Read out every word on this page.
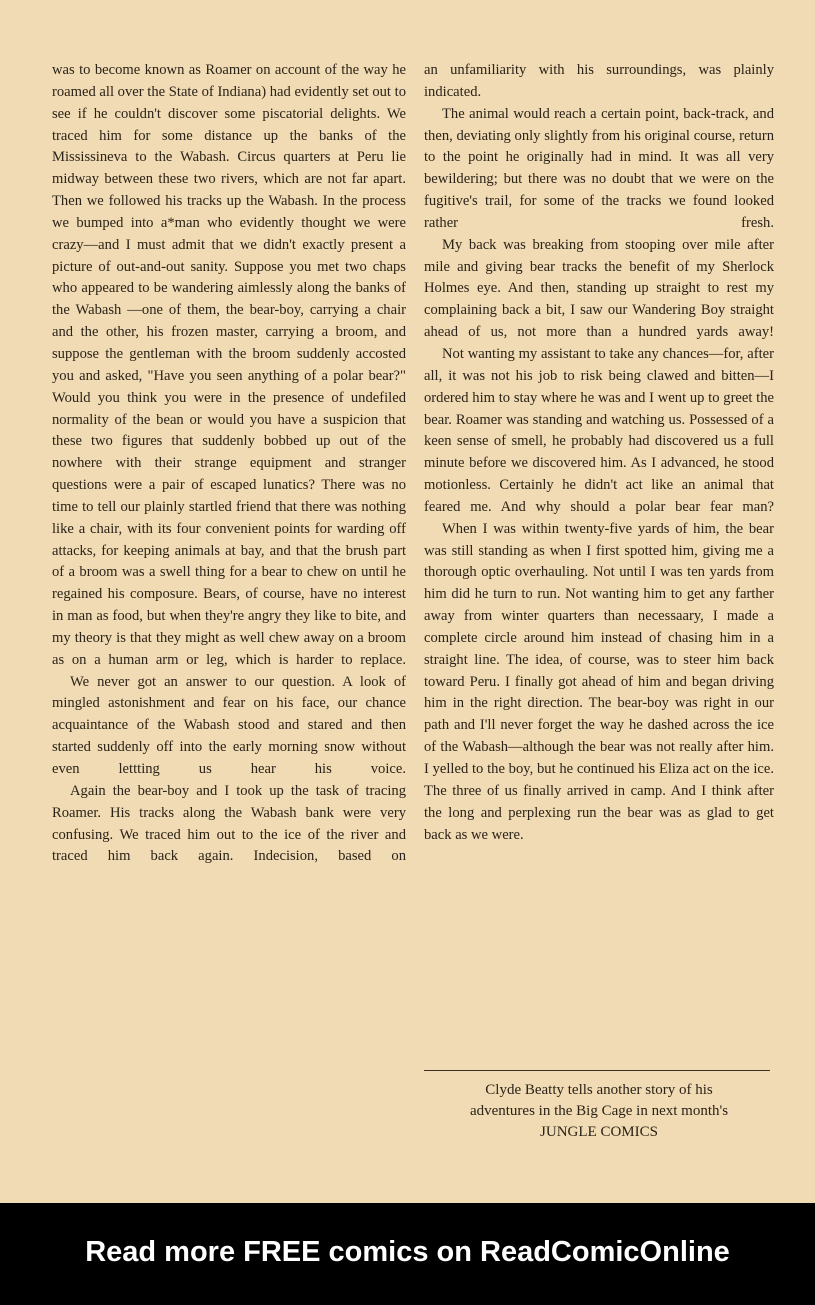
was to become known as Roamer on account of the way he roamed all over the State of Indiana) had evidently set out to see if he couldn't discover some piscatorial delights. We traced him for some distance up the banks of the Mississineva to the Wabash. Circus quarters at Peru lie midway between these two rivers, which are not far apart. Then we followed his tracks up the Wabash. In the process we bumped into a*man who evidently thought we were crazy—and I must admit that we didn't exactly present a picture of out-and-out sanity. Suppose you met two chaps who appeared to be wandering aimlessly along the banks of the Wabash —one of them, the bear-boy, carrying a chair and the other, his frozen master, carrying a broom, and suppose the gentleman with the broom suddenly accosted you and asked, "Have you seen anything of a polar bear?" Would you think you were in the presence of undefiled normality of the bean or would you have a suspicion that these two figures that suddenly bobbed up out of the nowhere with their strange equipment and stranger questions were a pair of escaped lunatics? There was no time to tell our plainly startled friend that there was nothing like a chair, with its four convenient points for warding off attacks, for keeping animals at bay, and that the brush part of a broom was a swell thing for a bear to chew on until he regained his composure. Bears, of course, have no interest in man as food, but when they're angry they like to bite, and my theory is that they might as well chew away on a broom as on a human arm or leg, which is harder to replace.

We never got an answer to our question. A look of mingled astonishment and fear on his face, our chance acquaintance of the Wabash stood and stared and then started suddenly off into the early morning snow without even lettting us hear his voice.

Again the bear-boy and I took up the task of tracing Roamer. His tracks along the Wabash bank were very confusing. We traced him out to the ice of the river and traced him back again. Indecision, based on

an unfamiliarity with his surroundings, was plainly indicated.

The animal would reach a certain point, back-track, and then, deviating only slightly from his original course, return to the point he originally had in mind. It was all very bewildering; but there was no doubt that we were on the fugitive's trail, for some of the tracks we found looked rather fresh.

My back was breaking from stooping over mile after mile and giving bear tracks the benefit of my Sherlock Holmes eye. And then, standing up straight to rest my complaining back a bit, I saw our Wandering Boy straight ahead of us, not more than a hundred yards away!

Not wanting my assistant to take any chances—for, after all, it was not his job to risk being clawed and bitten—I ordered him to stay where he was and I went up to greet the bear. Roamer was standing and watching us. Possessed of a keen sense of smell, he probably had discovered us a full minute before we discovered him. As I advanced, he stood motionless. Certainly he didn't act like an animal that feared me. And why should a polar bear fear man?

When I was within twenty-five yards of him, the bear was still standing as when I first spotted him, giving me a thorough optic overhauling. Not until I was ten yards from him did he turn to run. Not wanting him to get any farther away from winter quarters than necessaary, I made a complete circle around him instead of chasing him in a straight line. The idea, of course, was to steer him back toward Peru. I finally got ahead of him and began driving him in the right direction. The bear-boy was right in our path and I'll never forget the way he dashed across the ice of the Wabash—although the bear was not really after him. I yelled to the boy, but he continued his Eliza act on the ice. The three of us finally arrived in camp. And I think after the long and perplexing run the bear was as glad to get back as we were.

Clyde Beatty tells another story of his
adventures in the Big Cage in next month's
JUNGLE COMICS
Read more FREE comics on ReadComicOnline
